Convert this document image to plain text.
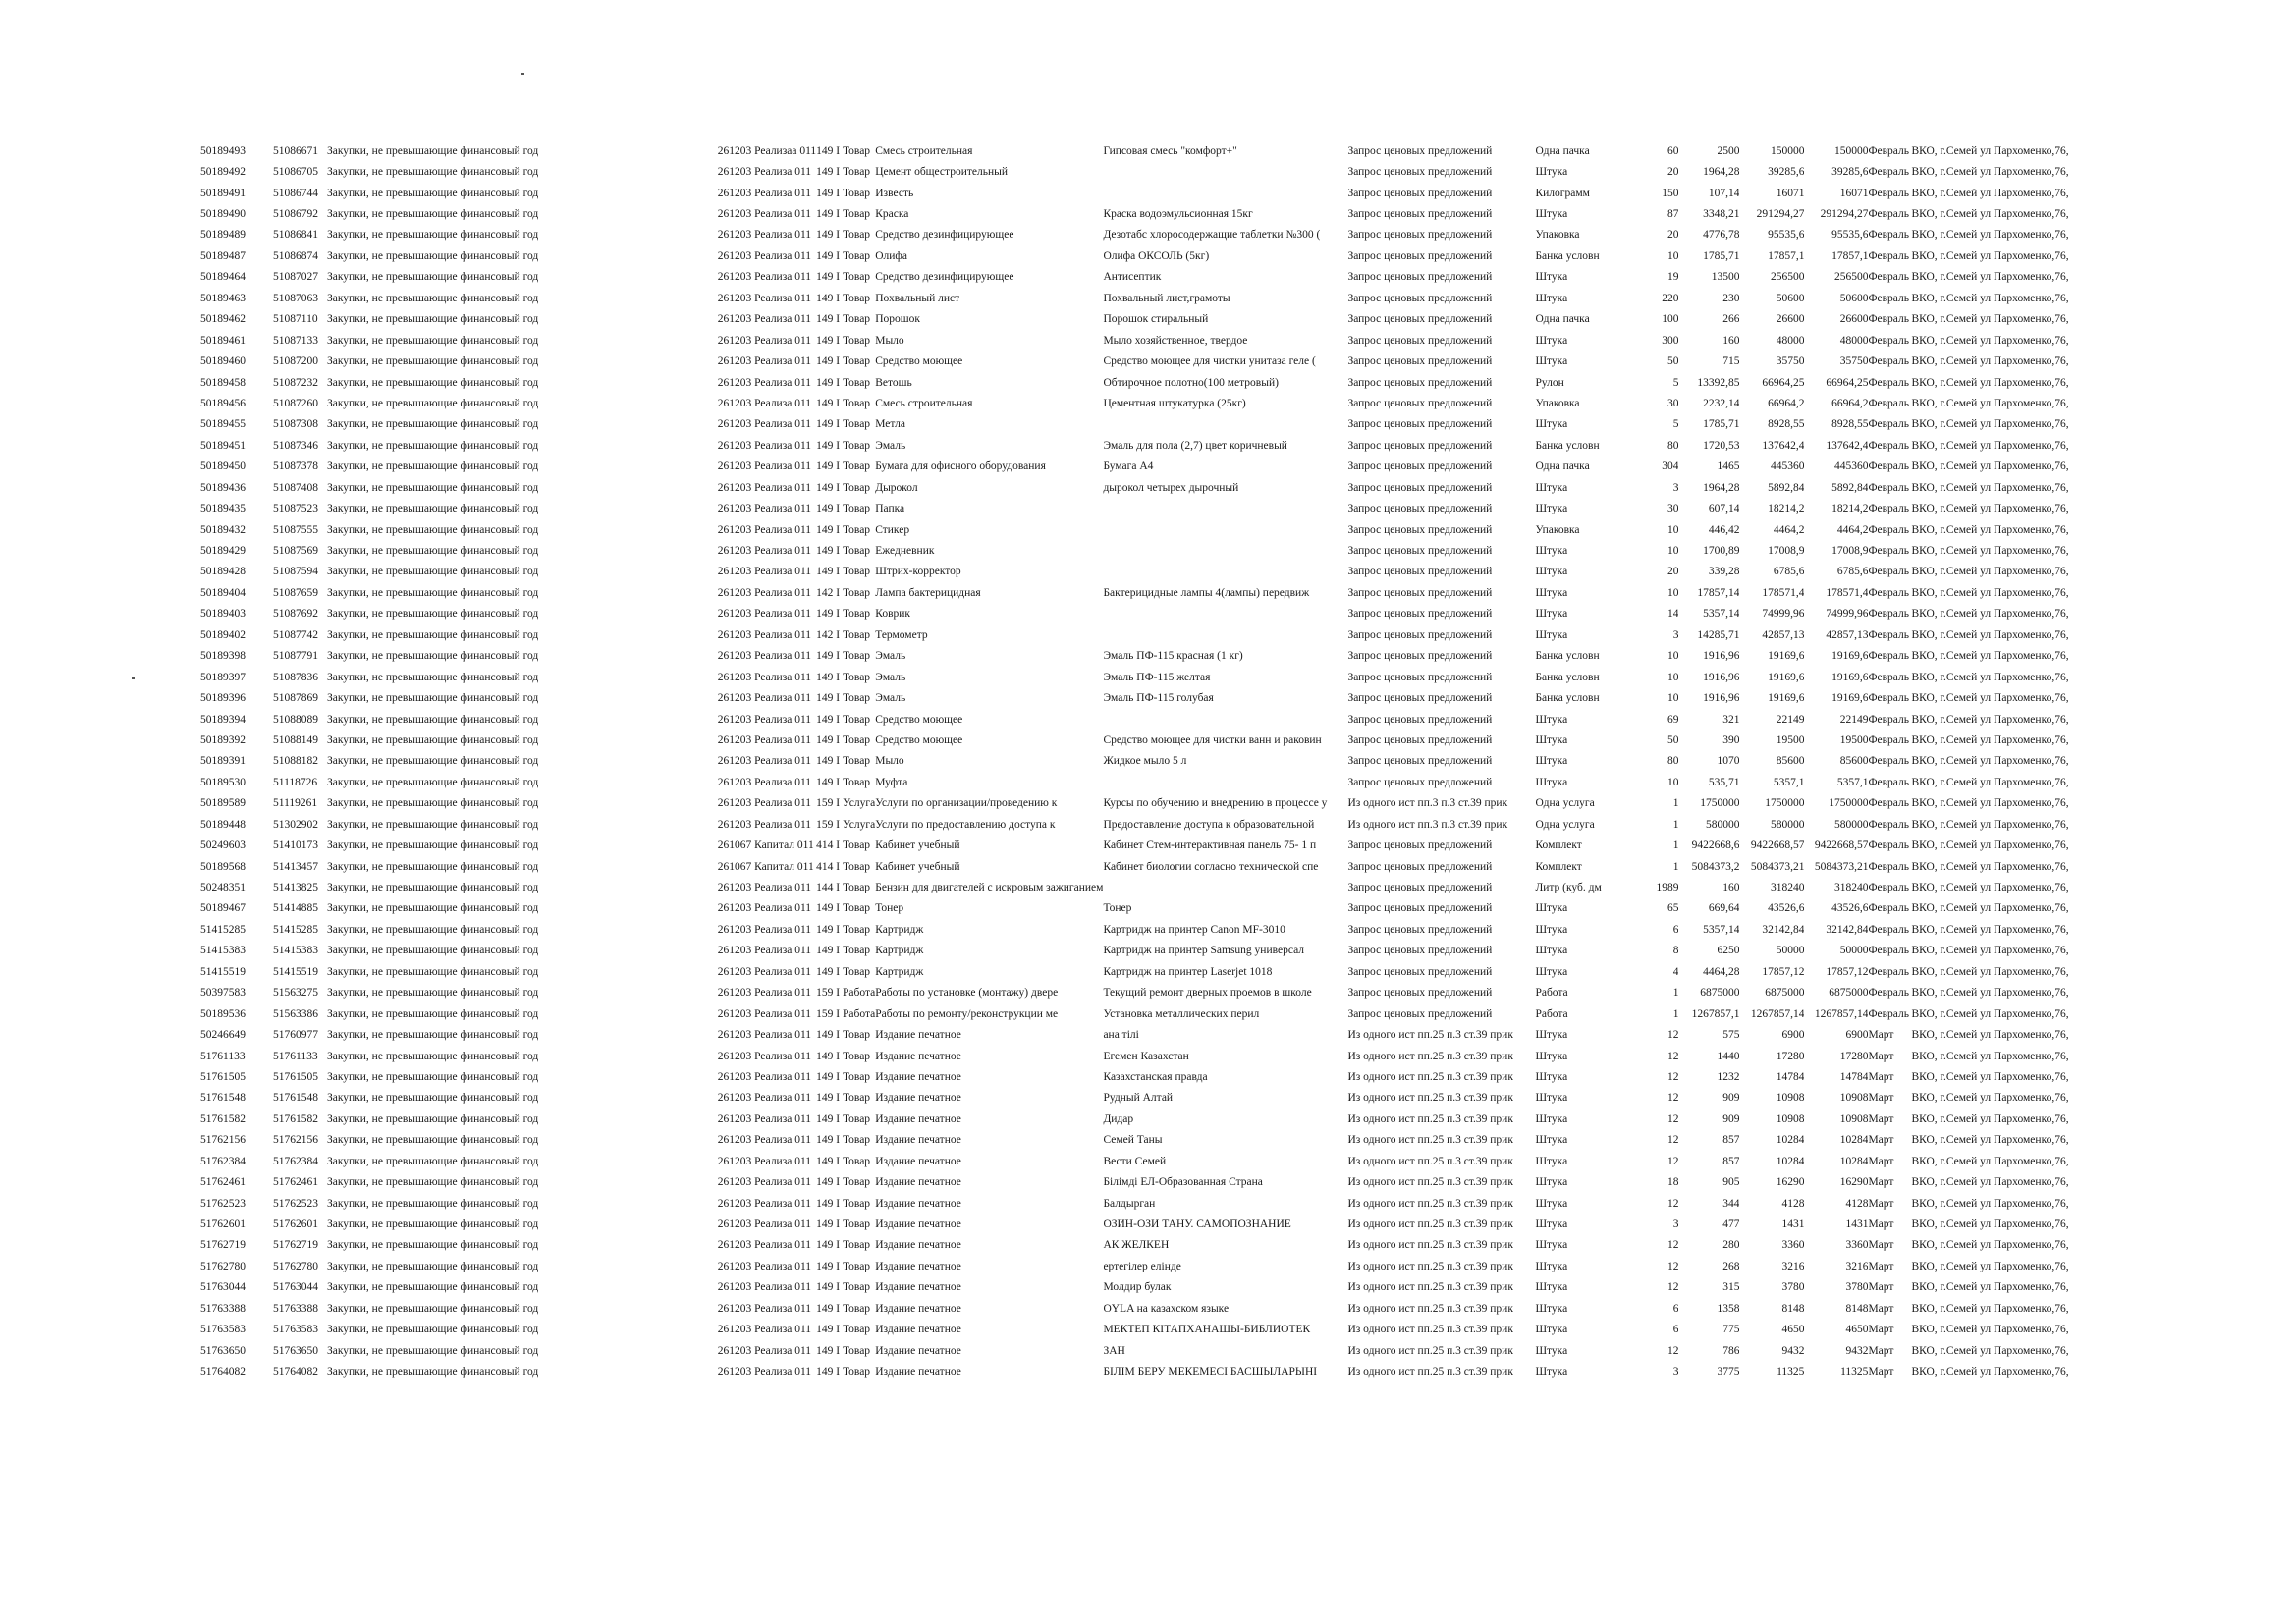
50189493	51086671	Закупки, не превышающие финансовый год	261	203 Реализаа 011	149 I Товар	Смесь строительная	Гипсовая смесь "комфорт+"	Запрос ценовых предложений	Одна пачка	60	2500	150000	150000	Февраль	ВКО, г.Семей ул Пархоменко,76,
50189492	51086705	Закупки, не превышающие финансовый год	261	203 Реализа 011	149 I Товар	Цемент общестроительный		Запрос ценовых предложений	Штука	20	1964,28	39285,6	39285,6	Февраль	ВКО, г.Семей ул Пархоменко,76,
50189491	51086744	Закупки, не превышающие финансовый год	261	203 Реализа 011	149 I Товар	Известь		Запрос ценовых предложений	Килограмм	150	107,14	16071	16071	Февраль	ВКО, г.Семей ул Пархоменко,76,
50189490	51086792	Закупки, не превышающие финансовый год	261	203 Реализа 011	149 I Товар	Краска	Краска водоэмульсионная 15кг	Запрос ценовых предложений	Штука	87	3348,21	291294,27	291294,27	Февраль	ВКО, г.Семей ул Пархоменко,76,
50189489	51086841	Закупки, не превышающие финансовый год	261	203 Реализа 011	149 I Товар	Средство дезинфицирующее	Дезотабс хлоросодержащие таблетки №300 (	Запрос ценовых предложений	Упаковка	20	4776,78	95535,6	95535,6	Февраль	ВКО, г.Семей ул Пархоменко,76,
50189487	51086874	Закупки, не превышающие финансовый год	261	203 Реализа 011	149 I Товар	Олифа	Олифа ОКСОЛЬ (5кг)	Запрос ценовых предложений	Банка условн	10	1785,71	17857,1	17857,1	Февраль	ВКО, г.Семей ул Пархоменко,76,
50189464	51087027	Закупки, не превышающие финансовый год	261	203 Реализа 011	149 I Товар	Средство дезинфицирующее	Антисептик	Запрос ценовых предложений	Штука	19	13500	256500	256500	Февраль	ВКО, г.Семей ул Пархоменко,76,
50189463	51087063	Закупки, не превышающие финансовый год	261	203 Реализа 011	149 I Товар	Похвальный лист	Похвальный лист,грамоты	Запрос ценовых предложений	Штука	220	230	50600	50600	Февраль	ВКО, г.Семей ул Пархоменко,76,
50189462	51087110	Закупки, не превышающие финансовый год	261	203 Реализа 011	149 I Товар	Порошок	Порошок стиральный	Запрос ценовых предложений	Одна пачка	100	266	26600	26600	Февраль	ВКО, г.Семей ул Пархоменко,76,
50189461	51087133	Закупки, не превышающие финансовый год	261	203 Реализа 011	149 I Товар	Мыло	Мыло хозяйственное, твердое	Запрос ценовых предложений	Штука	300	160	48000	48000	Февраль	ВКО, г.Семей ул Пархоменко,76,
50189460	51087200	Закупки, не превышающие финансовый год	261	203 Реализа 011	149 I Товар	Средство моющее	Средство моющее для чистки унитаза геле (	Запрос ценовых предложений	Штука	50	715	35750	35750	Февраль	ВКО, г.Семей ул Пархоменко,76,
50189458	51087232	Закупки, не превышающие финансовый год	261	203 Реализа 011	149 I Товар	Ветошь	Обтирочное полотно(100 метровый)	Запрос ценовых предложений	Рулон	5	13392,85	66964,25	66964,25	Февраль	ВКО, г.Семей ул Пархоменко,76,
50189456	51087260	Закупки, не превышающие финансовый год	261	203 Реализа 011	149 I Товар	Смесь строительная	Цементная штукатурка (25кг)	Запрос ценовых предложений	Упаковка	30	2232,14	66964,2	66964,2	Февраль	ВКО, г.Семей ул Пархоменко,76,
50189455	51087308	Закупки, не превышающие финансовый год	261	203 Реализа 011	149 I Товар	Метла		Запрос ценовых предложений	Штука	5	1785,71	8928,55	8928,55	Февраль	ВКО, г.Семей ул Пархоменко,76,
50189451	51087346	Закупки, не превышающие финансовый год	261	203 Реализа 011	149 I Товар	Эмаль	Эмаль для пола (2,7) цвет коричневый	Запрос ценовых предложений	Банка условн	80	1720,53	137642,4	137642,4	Февраль	ВКО, г.Семей ул Пархоменко,76,
50189450	51087378	Закупки, не превышающие финансовый год	261	203 Реализа 011	149 I Товар	Бумага для офисного оборудования	Бумага А4	Запрос ценовых предложений	Одна пачка	304	1465	445360	445360	Февраль	ВКО, г.Семей ул Пархоменко,76,
50189436	51087408	Закупки, не превышающие финансовый год	261	203 Реализа 011	149 I Товар	Дырокол	дырокол четырех дырочный	Запрос ценовых предложений	Штука	3	1964,28	5892,84	5892,84	Февраль	ВКО, г.Семей ул Пархоменко,76,
50189435	51087523	Закупки, не превышающие финансовый год	261	203 Реализа 011	149 I Товар	Папка		Запрос ценовых предложений	Штука	30	607,14	18214,2	18214,2	Февраль	ВКО, г.Семей ул Пархоменко,76,
50189432	51087555	Закупки, не превышающие финансовый год	261	203 Реализа 011	149 I Товар	Стикер		Запрос ценовых предложений	Упаковка	10	446,42	4464,2	4464,2	Февраль	ВКО, г.Семей ул Пархоменко,76,
50189429	51087569	Закупки, не превышающие финансовый год	261	203 Реализа 011	149 I Товар	Ежедневник		Запрос ценовых предложений	Штука	10	1700,89	17008,9	17008,9	Февраль	ВКО, г.Семей ул Пархоменко,76,
50189428	51087594	Закупки, не превышающие финансовый год	261	203 Реализа 011	149 I Товар	Штрих-корректор		Запрос ценовых предложений	Штука	20	339,28	6785,6	6785,6	Февраль	ВКО, г.Семей ул Пархоменко,76,
50189404	51087659	Закупки, не превышающие финансовый год	261	203 Реализа 011	142 I Товар	Лампа бактерицидная	Бактерицидные лампы 4(лампы) передвиж	Запрос ценовых предложений	Штука	10	17857,14	178571,4	178571,4	Февраль	ВКО, г.Семей ул Пархоменко,76,
50189403	51087692	Закупки, не превышающие финансовый год	261	203 Реализа 011	149 I Товар	Коврик		Запрос ценовых предложений	Штука	14	5357,14	74999,96	74999,96	Февраль	ВКО, г.Семей ул Пархоменко,76,
50189402	51087742	Закупки, не превышающие финансовый год	261	203 Реализа 011	142 I Товар	Термометр		Запрос ценовых предложений	Штука	3	14285,71	42857,13	42857,13	Февраль	ВКО, г.Семей ул Пархоменко,76,
50189398	51087791	Закупки, не превышающие финансовый год	261	203 Реализа 011	149 I Товар	Эмаль	Эмаль ПФ-115 красная (1 кг)	Запрос ценовых предложений	Банка условн	10	1916,96	19169,6	19169,6	Февраль	ВКО, г.Семей ул Пархоменко,76,
50189397	51087836	Закупки, не превышающие финансовый год	261	203 Реализа 011	149 I Товар	Эмаль	Эмаль ПФ-115 желтая	Запрос ценовых предложений	Банка условн	10	1916,96	19169,6	19169,6	Февраль	ВКО, г.Семей ул Пархоменко,76,
50189396	51087869	Закупки, не превышающие финансовый год	261	203 Реализа 011	149 I Товар	Эмаль	Эмаль ПФ-115 голубая	Запрос ценовых предложений	Банка условн	10	1916,96	19169,6	19169,6	Февраль	ВКО, г.Семей ул Пархоменко,76,
50189394	51088089	Закупки, не превышающие финансовый год	261	203 Реализа 011	149 I Товар	Средство моющее		Запрос ценовых предложений	Штука	69	321	22149	22149	Февраль	ВКО, г.Семей ул Пархоменко,76,
50189392	51088149	Закупки, не превышающие финансовый год	261	203 Реализа 011	149 I Товар	Средство моющее	Средство моющее для чистки ванн и раковин	Запрос ценовых предложений	Штука	50	390	19500	19500	Февраль	ВКО, г.Семей ул Пархоменко,76,
50189391	51088182	Закупки, не превышающие финансовый год	261	203 Реализа 011	149 I Товар	Мыло	Жидкое мыло 5 л	Запрос ценовых предложений	Штука	80	1070	85600	85600	Февраль	ВКО, г.Семей ул Пархоменко,76,
50189530	51118726	Закупки, не превышающие финансовый год	261	203 Реализа 011	149 I Товар	Муфта		Запрос ценовых предложений	Штука	10	535,71	5357,1	5357,1	Февраль	ВКО, г.Семей ул Пархоменко,76,
50189589	51119261	Закупки, не превышающие финансовый год	261	203 Реализа 011	159 I Услуга	Услуги по организации/проведению к	Курсы по обучению и внедрению в процессе у	Из одного ист пп.3 п.3 ст.39 прик	Одна услуга	1	1750000	1750000	1750000	Февраль	ВКО, г.Семей ул Пархоменко,76,
50189448	51302902	Закупки, не превышающие финансовый год	261	203 Реализа 011	159 I Услуга	Услуги по предоставлению доступа к	Предоставление доступа к образовательной	Из одного ист пп.3 п.3 ст.39 прик	Одна услуга	1	580000	580000	580000	Февраль	ВКО, г.Семей ул Пархоменко,76,
50249603	51410173	Закупки, не превышающие финансовый год	261	067 Капитал 011	414 I Товар	Кабинет учебный	Кабинет Стем-интерактивная панель 75- 1 п	Запрос ценовых предложений	Комплект	1	9422668,6	9422668,57	9422668,57	Февраль	ВКО, г.Семей ул Пархоменко,76,
50189568	51413457	Закупки, не превышающие финансовый год	261	067 Капитал 011	414 I Товар	Кабинет учебный	Кабинет биологии согласно технической спе	Запрос ценовых предложений	Комплект	1	5084373,2	5084373,21	5084373,21	Февраль	ВКО, г.Семей ул Пархоменко,76,
50248351	51413825	Закупки, не превышающие финансовый год	261	203 Реализа 011	144 I Товар	Бензин для двигателей с искровым зажиганием		Запрос ценовых предложений	Литр (куб. дм	1989	160	318240	318240	Февраль	ВКО, г.Семей ул Пархоменко,76,
50189467	51414885	Закупки, не превышающие финансовый год	261	203 Реализа 011	149 I Товар	Тонер	Тонер	Запрос ценовых предложений	Штука	65	669,64	43526,6	43526,6	Февраль	ВКО, г.Семей ул Пархоменко,76,
51415285	51415285	Закупки, не превышающие финансовый год	261	203 Реализа 011	149 I Товар	Картридж	Картридж на принтер Canon MF-3010	Запрос ценовых предложений	Штука	6	5357,14	32142,84	32142,84	Февраль	ВКО, г.Семей ул Пархоменко,76,
51415383	51415383	Закупки, не превышающие финансовый год	261	203 Реализа 011	149 I Товар	Картридж	Картридж на принтер Samsung универсал	Запрос ценовых предложений	Штука	8	6250	50000	50000	Февраль	ВКО, г.Семей ул Пархоменко,76,
51415519	51415519	Закупки, не превышающие финансовый год	261	203 Реализа 011	149 I Товар	Картридж	Картридж на принтер Laserjet 1018	Запрос ценовых предложений	Штука	4	4464,28	17857,12	17857,12	Февраль	ВКО, г.Семей ул Пархоменко,76,
50397583	51563275	Закупки, не превышающие финансовый год	261	203 Реализа 011	159 I Работа	Работы по установке (монтажу) двере	Текущий ремонт дверных проемов в школе	Запрос ценовых предложений	Работа	1	6875000	6875000	6875000	Февраль	ВКО, г.Семей ул Пархоменко,76,
50189536	51563386	Закупки, не превышающие финансовый год	261	203 Реализа 011	159 I Работа	Работы по ремонту/реконструкции ме	Установка металлических перил	Запрос ценовых предложений	Работа	1	1267857,1	1267857,14	1267857,14	Февраль	ВКО, г.Семей ул Пархоменко,76,
50246649	51760977	Закупки, не превышающие финансовый год	261	203 Реализа 011	149 I Товар	Издание печатное	ана тілі	Из одного ист пп.25 п.3 ст.39 прик	Штука	12	575	6900	6900	Март	ВКО, г.Семей ул Пархоменко,76,
51761133	51761133	Закупки, не превышающие финансовый год	261	203 Реализа 011	149 I Товар	Издание печатное	Егемен Казахстан	Из одного ист пп.25 п.3 ст.39 прик	Штука	12	1440	17280	17280	Март	ВКО, г.Семей ул Пархоменко,76,
51761505	51761505	Закупки, не превышающие финансовый год	261	203 Реализа 011	149 I Товар	Издание печатное	Казахстанская правда	Из одного ист пп.25 п.3 ст.39 прик	Штука	12	1232	14784	14784	Март	ВКО, г.Семей ул Пархоменко,76,
51761548	51761548	Закупки, не превышающие финансовый год	261	203 Реализа 011	149 I Товар	Издание печатное	Рудный Алтай	Из одного ист пп.25 п.3 ст.39 прик	Штука	12	909	10908	10908	Март	ВКО, г.Семей ул Пархоменко,76,
51761582	51761582	Закупки, не превышающие финансовый год	261	203 Реализа 011	149 I Товар	Издание печатное	Дидар	Из одного ист пп.25 п.3 ст.39 прик	Штука	12	909	10908	10908	Март	ВКО, г.Семей ул Пархоменко,76,
51762156	51762156	Закупки, не превышающие финансовый год	261	203 Реализа 011	149 I Товар	Издание печатное	Семей Таны	Из одного ист пп.25 п.3 ст.39 прик	Штука	12	857	10284	10284	Март	ВКО, г.Семей ул Пархоменко,76,
51762384	51762384	Закупки, не превышающие финансовый год	261	203 Реализа 011	149 I Товар	Издание печатное	Вести Семей	Из одного ист пп.25 п.3 ст.39 прик	Штука	12	857	10284	10284	Март	ВКО, г.Семей ул Пархоменко,76,
51762461	51762461	Закупки, не превышающие финансовый год	261	203 Реализа 011	149 I Товар	Издание печатное	Білімді ЕЛ-Образованная Страна	Из одного ист пп.25 п.3 ст.39 прик	Штука	18	905	16290	16290	Март	ВКО, г.Семей ул Пархоменко,76,
51762523	51762523	Закупки, не превышающие финансовый год	261	203 Реализа 011	149 I Товар	Издание печатное	Балдырган	Из одного ист пп.25 п.3 ст.39 прик	Штука	12	344	4128	4128	Март	ВКО, г.Семей ул Пархоменко,76,
51762601	51762601	Закупки, не превышающие финансовый год	261	203 Реализа 011	149 I Товар	Издание печатное	ОЗИН-ОЗИ ТАНУ. САМОПОЗНАНИЕ	Из одного ист пп.25 п.3 ст.39 прик	Штука	3	477	1431	1431	Март	ВКО, г.Семей ул Пархоменко,76,
51762719	51762719	Закупки, не превышающие финансовый год	261	203 Реализа 011	149 I Товар	Издание печатное	АК ЖЕЛКЕН	Из одного ист пп.25 п.3 ст.39 прик	Штука	12	280	3360	3360	Март	ВКО, г.Семей ул Пархоменко,76,
51762780	51762780	Закупки, не превышающие финансовый год	261	203 Реализа 011	149 I Товар	Издание печатное	ертегілер елiнде	Из одного ист пп.25 п.3 ст.39 прик	Штука	12	268	3216	3216	Март	ВКО, г.Семей ул Пархоменко,76,
51763044	51763044	Закупки, не превышающие финансовый год	261	203 Реализа 011	149 I Товар	Издание печатное	Молдир булак	Из одного ист пп.25 п.3 ст.39 прик	Штука	12	315	3780	3780	Март	ВКО, г.Семей ул Пархоменко,76,
51763388	51763388	Закупки, не превышающие финансовый год	261	203 Реализа 011	149 I Товар	Издание печатное	OYLA на казахском языке	Из одного ист пп.25 п.3 ст.39 прик	Штука	6	1358	8148	8148	Март	ВКО, г.Семей ул Пархоменко,76,
51763583	51763583	Закупки, не превышающие финансовый год	261	203 Реализа 011	149 I Товар	Издание печатное	МЕКТЕП КIТАПХАНАШЫ-БИБЛИОТЕК	Из одного ист пп.25 п.3 ст.39 прик	Штука	6	775	4650	4650	Март	ВКО, г.Семей ул Пархоменко,76,
51763650	51763650	Закупки, не превышающие финансовый год	261	203 Реализа 011	149 I Товар	Издание печатное	ЗАН	Из одного ист пп.25 п.3 ст.39 прик	Штука	12	786	9432	9432	Март	ВКО, г.Семей ул Пархоменко,76,
51764082	51764082	Закупки, не превышающие финансовый год	261	203 Реализа 011	149 I Товар	Издание печатное	БIЛIМ БЕРУ МЕКЕМЕСI БАСШЫЛАРЫНI	Из одного ист пп.25 п.3 ст.39 прик	Штука	3	3775	11325	11325	Март	ВКО, г.Семей ул Пархоменко,76,
